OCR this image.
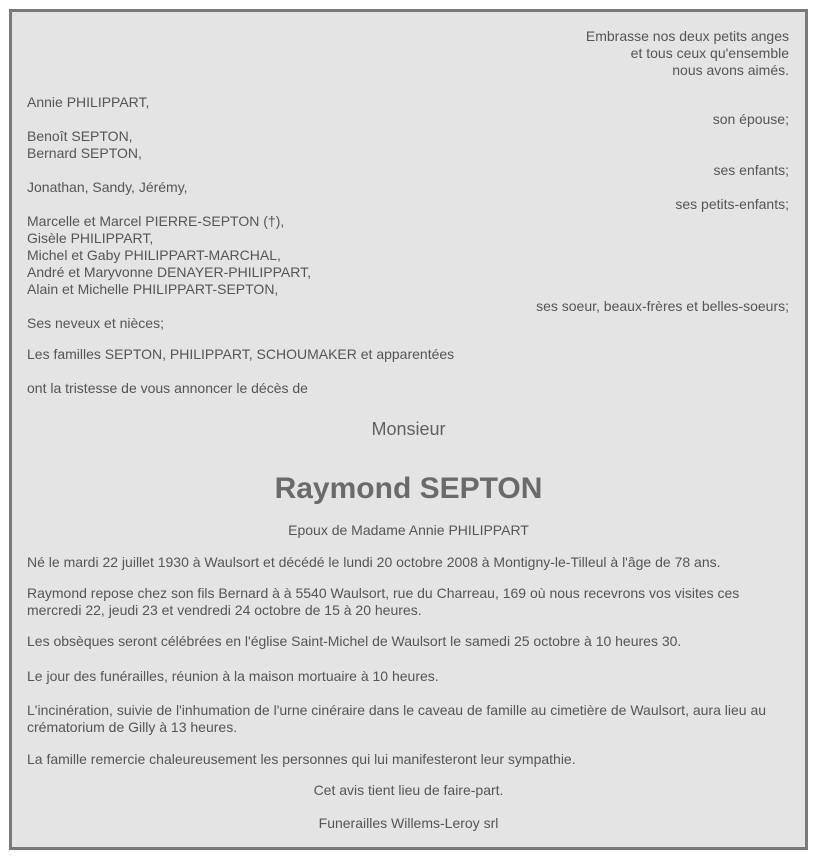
Embrasse nos deux petits anges
et tous ceux qu'ensemble
nous avons aimés.
Annie PHILIPPART,
son épouse;
Benoît SEPTON,
Bernard SEPTON,
ses enfants;
Jonathan, Sandy, Jérémy,
ses petits-enfants;
Marcelle et Marcel PIERRE-SEPTON (†),
Gisèle PHILIPPART,
Michel et Gaby PHILIPPART-MARCHAL,
André et Maryvonne DENAYER-PHILIPPART,
Alain et Michelle PHILIPPART-SEPTON,
ses soeur, beaux-frères et belles-soeurs;
Ses neveux et nièces;
Les familles SEPTON, PHILIPPART, SCHOUMAKER et apparentées
ont la tristesse de vous annoncer le décès de
Monsieur
Raymond SEPTON
Epoux de Madame Annie PHILIPPART
Né le mardi 22 juillet 1930 à Waulsort et décédé le lundi 20 octobre 2008 à Montigny-le-Tilleul à l'âge de 78 ans.
Raymond repose chez son fils Bernard à à 5540 Waulsort, rue du Charreau, 169 où nous recevrons vos visites ces mercredi 22, jeudi 23 et vendredi 24 octobre de 15 à 20 heures.
Les obsèques seront célébrées en l'église Saint-Michel de Waulsort le samedi 25 octobre à 10 heures 30.
Le jour des funérailles, réunion à la maison mortuaire à 10 heures.
L'incinération, suivie de l'inhumation de l'urne cinéraire dans le caveau de famille au cimetière de Waulsort, aura lieu au crématorium de Gilly à 13 heures.
La famille remercie chaleureusement les personnes qui lui manifesteront leur sympathie.
Cet avis tient lieu de faire-part.
Funerailles Willems-Leroy srl
